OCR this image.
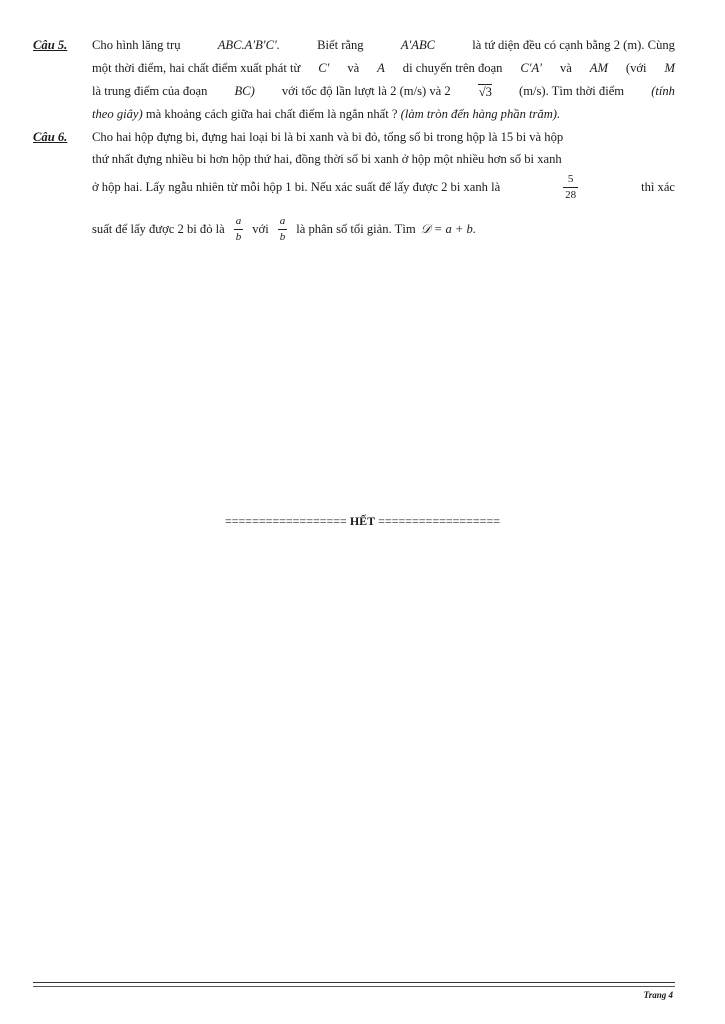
Câu 5. Cho hình lăng trụ	ABC.A′B′C′.	Biết rằng	A′ABC	là tứ diện đều có cạnh bằng 2 (m). Cùng
một thời điểm, hai chất điểm xuất phát từ C′ và A di chuyển trên đoạn C′A′ và AM (với M
là trung điểm của đoạn BC) với tốc độ lần lượt là 2 (m/s) và 2 √3 (m/s). Tìm thời điểm (tính
theo giây) mà khoảng cách giữa hai chất điểm là ngắn nhất ? (làm tròn đến hàng phần trăm).
Câu 6. Cho hai hộp đựng bi, đựng hai loại bi là bi xanh và bi đỏ, tổng số bi trong hộp là 15 bi và hộp
thứ nhất đựng nhiều bi hơn hộp thứ hai, đồng thời số bi xanh ở hộp một nhiều hơn số bi xanh
ở hộp hai. Lấy ngẫu nhiên từ mỗi hộp 1 bi. Nếu xác suất để lấy được 2 bi xanh là	$\frac{5}{28}$	thì xác
suất để lấy được 2 bi đỏ là $\frac{a}{b}$ với $\frac{a}{b}$ là phân số tối giản. Tìm 𝒟 = a + b.
================== HẾT ==================
Trang 4
